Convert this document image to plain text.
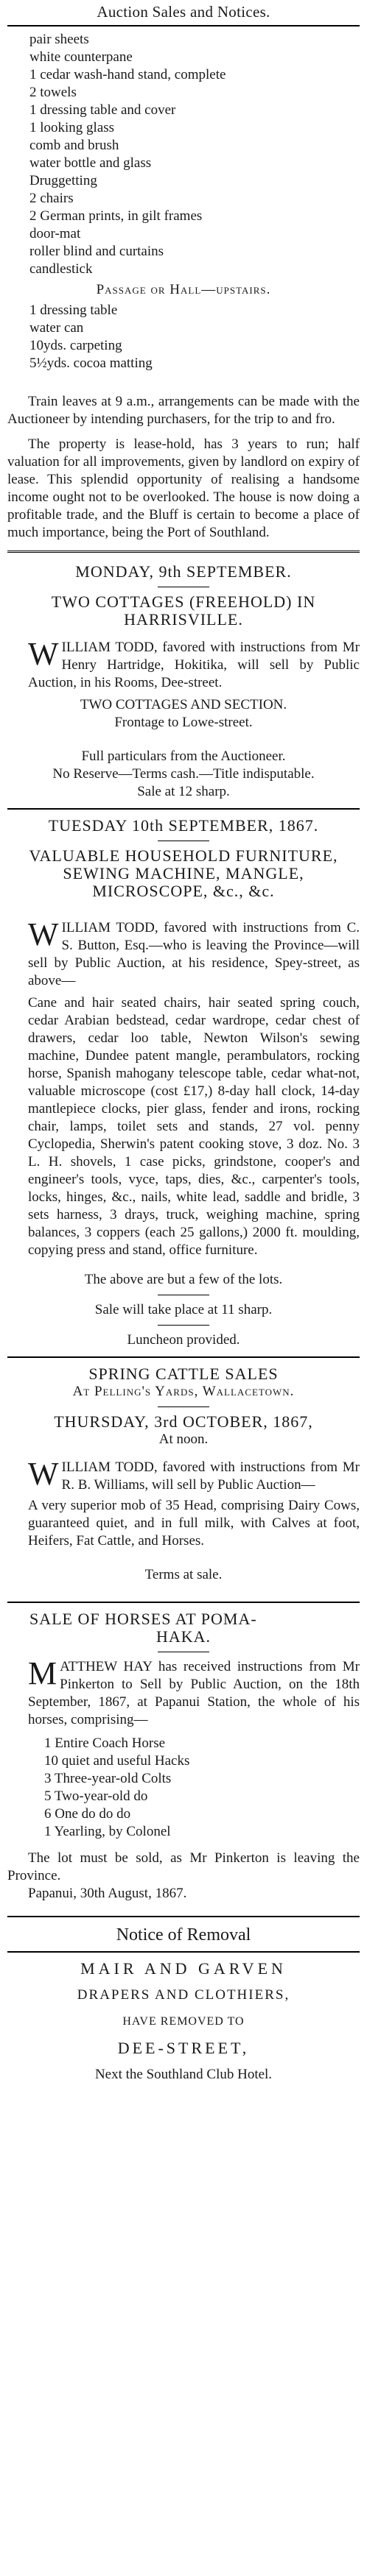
Auction Sales and Notices.
pair sheets
white counterpane
1 cedar wash-hand stand, complete
2 towels
1 dressing table and cover
1 looking glass
comb and brush
water bottle and glass
Druggetting
2 chairs
2 German prints, in gilt frames
door-mat
roller blind and curtains
candlestick
Passage or Hall—upstairs.
1 dressing table
water can
10yds. carpeting
5½yds. cocoa matting

Train leaves at 9 a.m., arrangements can be made with the Auctioneer by intending purchasers, for the trip to and fro.

The property is lease-hold, has 3 years to run; half valuation for all improvements, given by landlord on expiry of lease. This splendid opportunity of realising a handsome income ought not to be overlooked. The house is now doing a profitable trade, and the Bluff is certain to become a place of much importance, being the Port of Southland.

MONDAY, 9th SEPTEMBER.
TWO COTTAGES (FREEHOLD) IN
HARRISVILLE.
WILLIAM TODD, favored with instructions from Mr Henry Hartridge, Hokitika, will sell by Public Auction, in his Rooms, Dee-street.
TWO COTTAGES AND SECTION.
Frontage to Lowe-street.
Full particulars from the Auctioneer.
No Reserve—Terms cash.—Title indisputable.
Sale at 12 sharp.
TUESDAY 10th SEPTEMBER, 1867.
VALUABLE HOUSEHOLD FURNITURE,
SEWING MACHINE, MANGLE,
MICROSCOPE, &c., &c.
WILLIAM TODD, favored with instructions from C. S. Button, Esq.—who is leaving the Province—will sell by Public Auction, at his residence, Spey-street, as above—

Cane and hair seated chairs, hair seated spring couch, cedar Arabian bedstead, cedar wardrope, cedar chest of drawers, cedar loo table, Newton Wilson's sewing machine, Dundee patent mangle, perambulators, rocking horse, Spanish mahogany telescope table, cedar what-not, valuable microscope (cost £17,) 8-day hall clock, 14-day mantlepiece clocks, pier glass, fender and irons, rocking chair, lamps, toilet sets and stands, 27 vol. penny Cyclopedia, Sherwin's patent cooking stove, 3 doz. No. 3 L. H. shovels, 1 case picks, grindstone, cooper's and engineer's tools, vyce, taps, dies, &c., carpenter's tools, locks, hinges, &c., nails, white lead, saddle and bridle, 3 sets harness, 3 drays, truck, weighing machine, spring balances, 3 coppers (each 25 gallons,) 2000 ft. moulding, copying press and stand, office furniture.

The above are but a few of the lots.
Sale will take place at 11 sharp.
Luncheon provided.
SPRING CATTLE SALES
At Pelling's Yards, Wallacetown.
THURSDAY, 3rd OCTOBER, 1867,
At noon.
WILLIAM TODD, favored with instructions from Mr R. B. Williams, will sell by Public Auction—

A very superior mob of 35 Head, comprising Dairy Cows, guaranteed quiet, and in full milk, with Calves at foot, Heifers, Fat Cattle, and Horses.

Terms at sale.
SALE OF HORSES AT POMA-
HAKA.
MATTHEW HAY has received instructions from Mr Pinkerton to Sell by Public Auction, on the 18th September, 1867, at Papanui Station, the whole of his horses, comprising—
1 Entire Coach Horse
10 quiet and useful Hacks
3 Three-year-old Colts
5 Two-year-old do
6 One do do do
1 Yearling, by Colonel

The lot must be sold, as Mr Pinkerton is leaving the Province.

Papanui, 30th August, 1867.
Notice of Removal
MAIR AND GARVEN
DRAPERS AND CLOTHIERS,
HAVE REMOVED TO
DEE-STREET,
Next the Southland Club Hotel.
